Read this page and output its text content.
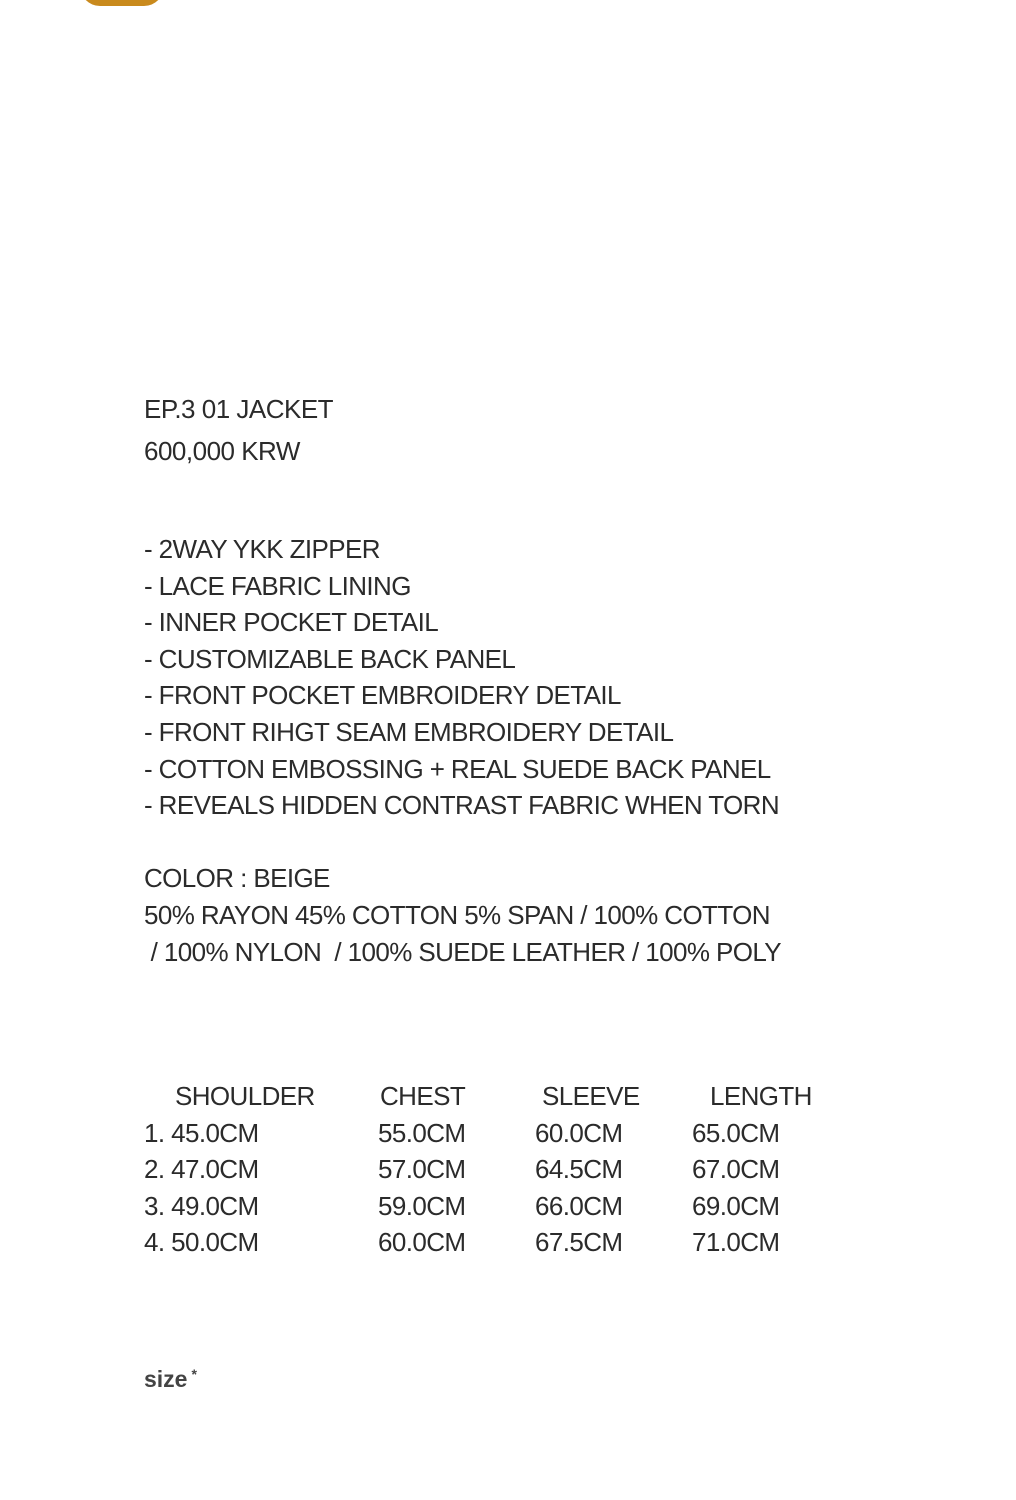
EP.3 01 JACKET
600,000 KRW
- 2WAY YKK ZIPPER
- LACE FABRIC LINING
- INNER POCKET DETAIL
- CUSTOMIZABLE BACK PANEL
- FRONT POCKET EMBROIDERY DETAIL
- FRONT RIHGT SEAM EMBROIDERY DETAIL
- COTTON EMBOSSING + REAL SUEDE BACK PANEL
- REVEALS HIDDEN CONTRAST FABRIC WHEN TORN
COLOR : BEIGE
50% RAYON 45% COTTON 5% SPAN / 100% COTTON
/ 100% NYLON  / 100% SUEDE LEATHER / 100% POLY
SHOULDER	CHEST	SLEEVE	LENGTH
1. 45.0CM	55.0CM	60.0CM	65.0CM
2. 47.0CM	57.0CM	64.5CM	67.0CM
3. 49.0CM	59.0CM	66.0CM	69.0CM
4. 50.0CM	60.0CM	67.5CM	71.0CM
size *
